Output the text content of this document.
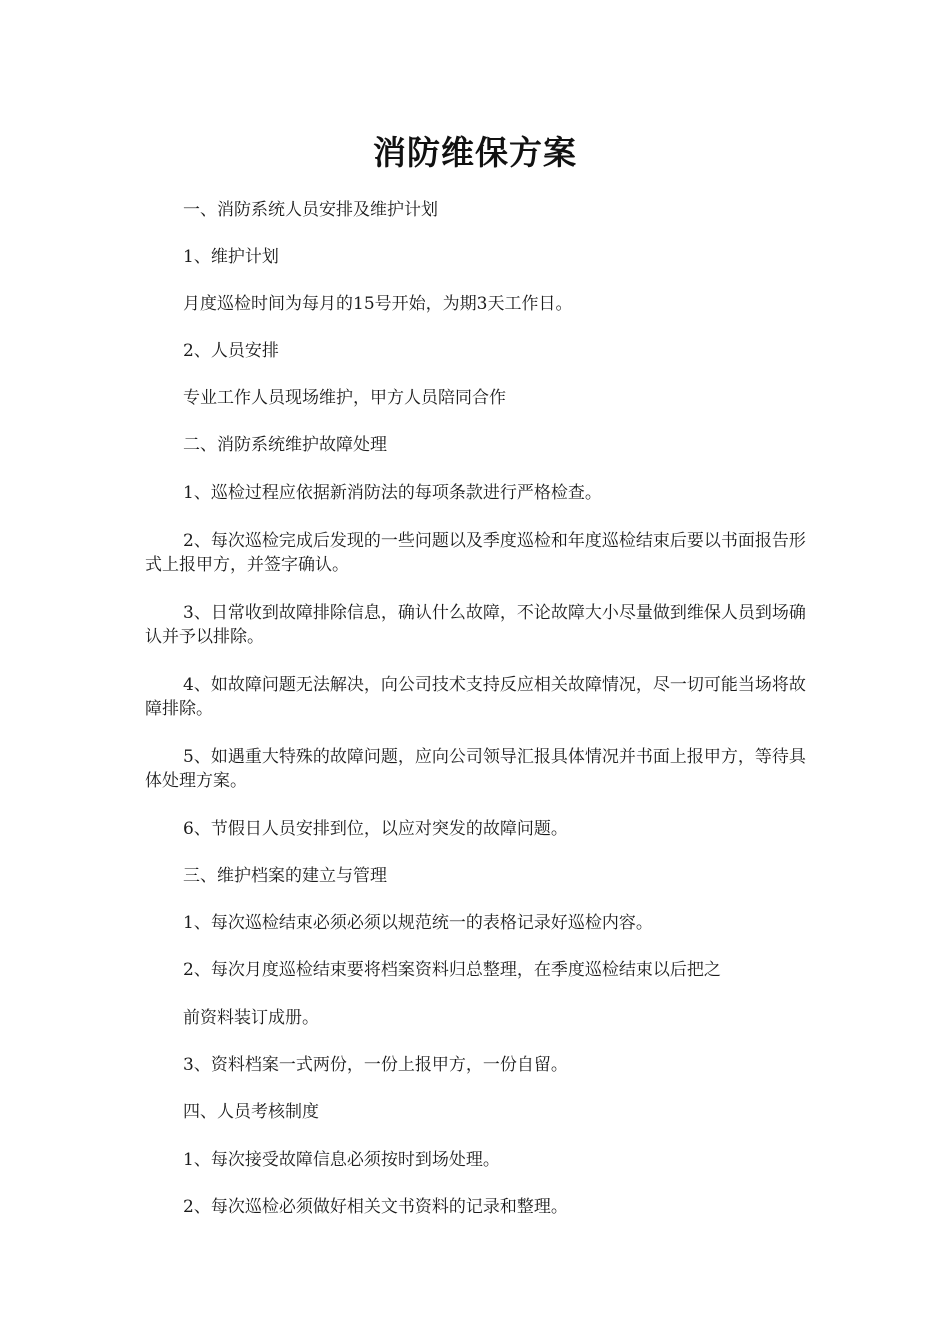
消防维保方案
一、消防系统人员安排及维护计划
1、维护计划
月度巡检时间为每月的15号开始，为期3天工作日。
2、人员安排
专业工作人员现场维护，甲方人员陪同合作
二、消防系统维护故障处理
1、巡检过程应依据新消防法的每项条款进行严格检查。
2、每次巡检完成后发现的一些问题以及季度巡检和年度巡检结束后要以书面报告形式上报甲方，并签字确认。
3、日常收到故障排除信息，确认什么故障，不论故障大小尽量做到维保人员到场确认并予以排除。
4、如故障问题无法解决，向公司技术支持反应相关故障情况，尽一切可能当场将故障排除。
5、如遇重大特殊的故障问题，应向公司领导汇报具体情况并书面上报甲方，等待具体处理方案。
6、节假日人员安排到位，以应对突发的故障问题。
三、维护档案的建立与管理
1、每次巡检结束必须必须以规范统一的表格记录好巡检内容。
2、每次月度巡检结束要将档案资料归总整理，在季度巡检结束以后把之
前资料装订成册。
3、资料档案一式两份，一份上报甲方，一份自留。
四、人员考核制度
1、每次接受故障信息必须按时到场处理。
2、每次巡检必须做好相关文书资料的记录和整理。
